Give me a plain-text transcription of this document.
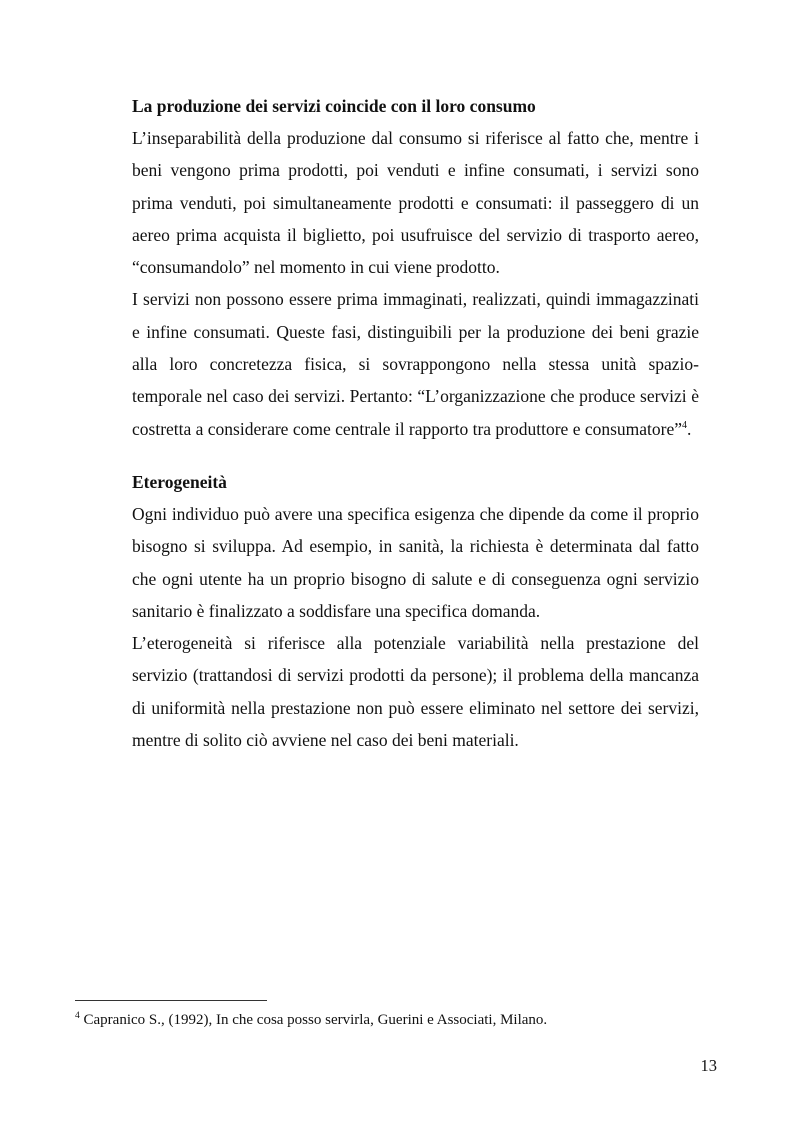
La produzione dei servizi coincide con il loro consumo

L’inseparabilità della produzione dal consumo si riferisce al fatto che, mentre i beni vengono prima prodotti, poi venduti e infine consumati, i servizi sono prima venduti, poi simultaneamente prodotti e consumati: il passeggero di un aereo prima acquista il biglietto, poi usufruisce del servizio di trasporto aereo, “consumandolo” nel momento in cui viene prodotto.

I servizi non possono essere prima immaginati, realizzati, quindi immagazzinati e infine consumati. Queste fasi, distinguibili per la produzione dei beni grazie alla loro concretezza fisica, si sovrappongono nella stessa unità spazio-temporale nel caso dei servizi. Pertanto: “L’organizzazione che produce servizi è costretta a considerare come centrale il rapporto tra produttore e consumatore”$^4$.

Eterogeneità

Ogni individuo può avere una specifica esigenza che dipende da come il proprio bisogno si sviluppa. Ad esempio, in sanità, la richiesta è determinata dal fatto che ogni utente ha un proprio bisogno di salute e di conseguenza ogni servizio sanitario è finalizzato a soddisfare una specifica domanda.

L’eterogeneità si riferisce alla potenziale variabilità nella prestazione del servizio (trattandosi di servizi prodotti da persone); il problema della mancanza di uniformità nella prestazione non può essere eliminato nel settore dei servizi, mentre di solito ciò avviene nel caso dei beni materiali.

$^4$ Capranico S., (1992), In che cosa posso servirla, Guerini e Associati, Milano.
13
